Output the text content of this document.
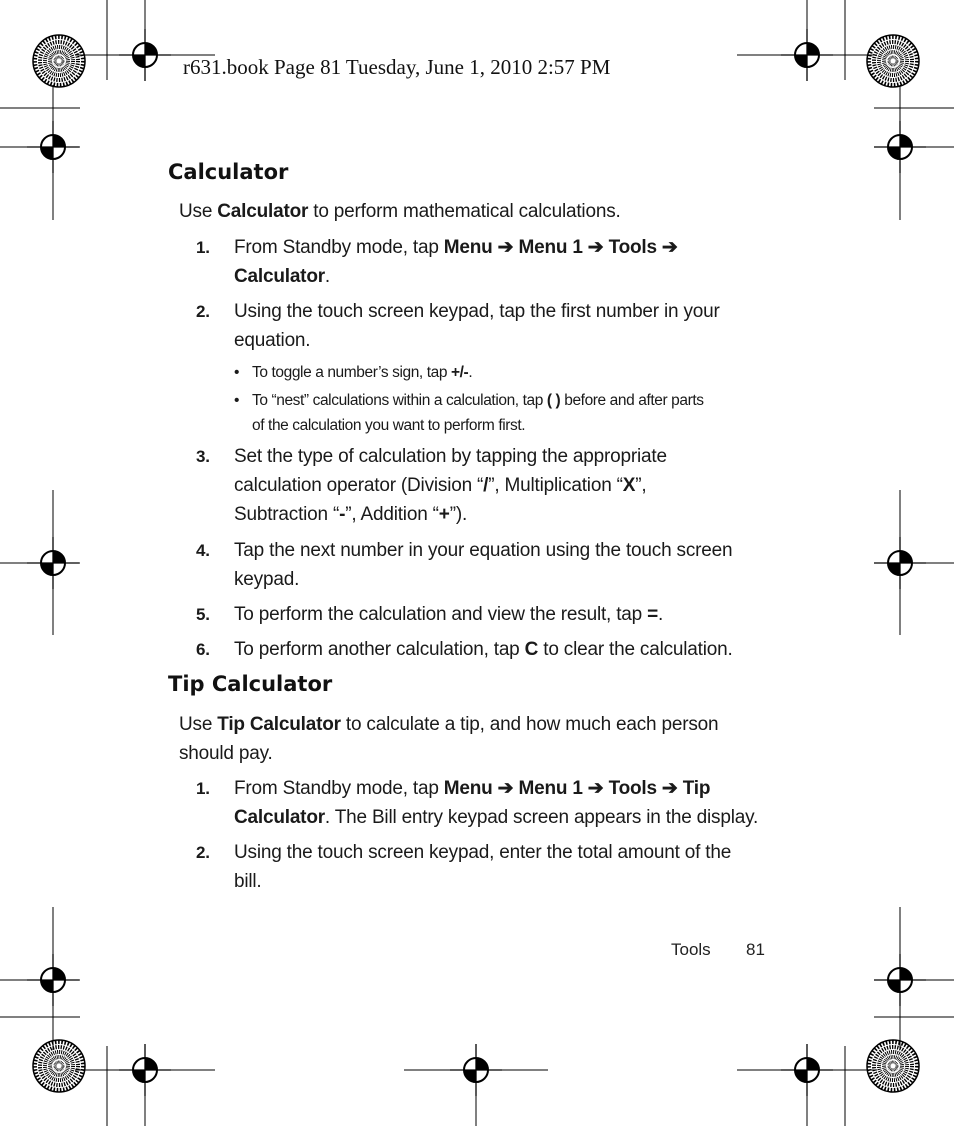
r631.book Page 81 Tuesday, June 1, 2010 2:57 PM
Calculator
Use Calculator to perform mathematical calculations.
1. From Standby mode, tap Menu ➔ Menu 1 ➔ Tools ➔
Calculator.
2. Using the touch screen keypad, tap the first number in your
equation.
• To toggle a number’s sign, tap +/-.
• To “nest” calculations within a calculation, tap ( ) before and after parts
of the calculation you want to perform first.
3. Set the type of calculation by tapping the appropriate
calculation operator (Division “/”, Multiplication “X”,
Subtraction “-”, Addition “+”).
4. Tap the next number in your equation using the touch screen
keypad.
5. To perform the calculation and view the result, tap =.
6. To perform another calculation, tap C to clear the calculation.
Tip Calculator
Use Tip Calculator to calculate a tip, and how much each person
should pay.
1. From Standby mode, tap Menu ➔ Menu 1 ➔ Tools ➔ Tip
Calculator. The Bill entry keypad screen appears in the display.
2. Using the touch screen keypad, enter the total amount of the
bill.
Tools 81
